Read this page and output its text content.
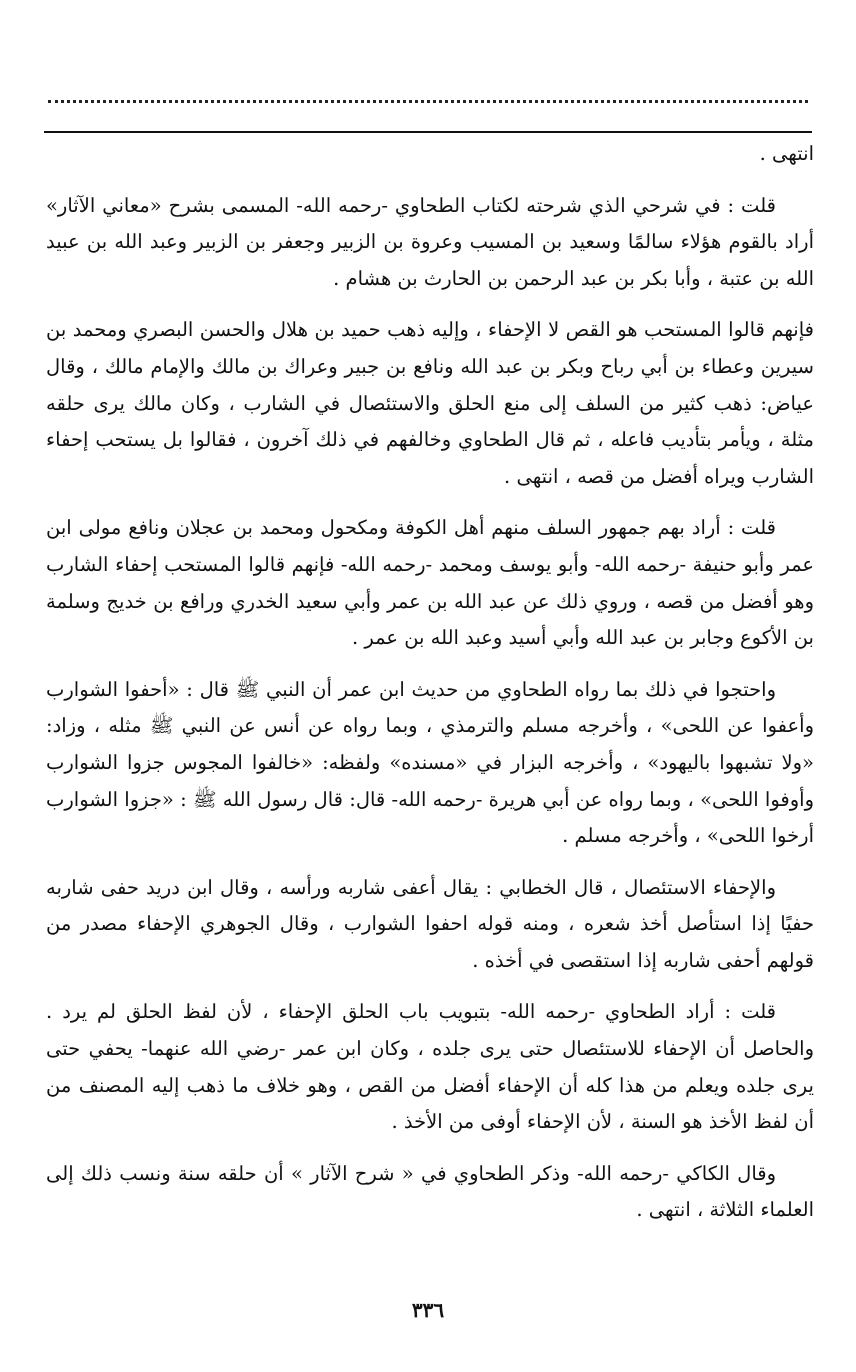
انتهى .

قلت : في شرحي الذي شرحته لكتاب الطحاوي -رحمه الله- المسمى بشرح «معاني الآثار» أراد بالقوم هؤلاء سالمًا وسعيد بن المسيب وعروة بن الزبير وجعفر بن الزبير وعبد الله بن عبيد الله بن عتبة ، وأبا بكر بن عبد الرحمن بن الحارث بن هشام .

فإنهم قالوا المستحب هو القص لا الإحفاء ، وإليه ذهب حميد بن هلال والحسن البصري ومحمد بن سيرين وعطاء بن أبي رباح وبكر بن عبد الله ونافع بن جبير وعراك بن مالك والإمام مالك ، وقال عياض: ذهب كثير من السلف إلى منع الحلق والاستئصال في الشارب ، وكان مالك يرى حلقه مثلة ، ويأمر بتأديب فاعله ، ثم قال الطحاوي وخالفهم في ذلك آخرون ، فقالوا بل يستحب إحفاء الشارب ويراه أفضل من قصه ، انتهى .

قلت : أراد بهم جمهور السلف منهم أهل الكوفة ومكحول ومحمد بن عجلان ونافع مولى ابن عمر وأبو حنيفة -رحمه الله- وأبو يوسف ومحمد -رحمه الله- فإنهم قالوا المستحب إحفاء الشارب وهو أفضل من قصه ، وروي ذلك عن عبد الله بن عمر وأبي سعيد الخدري ورافع بن خديج وسلمة بن الأكوع وجابر بن عبد الله وأبي أسيد وعبد الله بن عمر .

واحتجوا في ذلك بما رواه الطحاوي من حديث ابن عمر أن النبي ﷺ قال : «أحفوا الشوارب وأعفوا عن اللحى» ، وأخرجه مسلم والترمذي ، وبما رواه عن أنس عن النبي ﷺ مثله ، وزاد: «ولا تشبهوا باليهود» ، وأخرجه البزار في «مسنده» ولفظه: «خالفوا المجوس جزوا الشوارب وأوفوا اللحى» ، وبما رواه عن أبي هريرة -رحمه الله- قال: قال رسول الله ﷺ : «جزوا الشوارب أرخوا اللحى» ، وأخرجه مسلم .

والإحفاء الاستئصال ، قال الخطابي : يقال أعفى شاربه ورأسه ، وقال ابن دريد حفى شاربه حفيًا إذا استأصل أخذ شعره ، ومنه قوله احفوا الشوارب ، وقال الجوهري الإحفاء مصدر من قولهم أحفى شاربه إذا استقصى في أخذه .

قلت : أراد الطحاوي -رحمه الله- بتبويب باب الحلق الإحفاء ، لأن لفظ الحلق لم يرد . والحاصل أن الإحفاء للاستئصال حتى يرى جلده ، وكان ابن عمر -رضي الله عنهما- يحفي حتى يرى جلده ويعلم من هذا كله أن الإحفاء أفضل من القص ، وهو خلاف ما ذهب إليه المصنف من أن لفظ الأخذ هو السنة ، لأن الإحفاء أوفى من الأخذ .

وقال الكاكي -رحمه الله- وذكر الطحاوي في « شرح الآثار » أن حلقه سنة ونسب ذلك إلى العلماء الثلاثة ، انتهى .

٣٣٦
